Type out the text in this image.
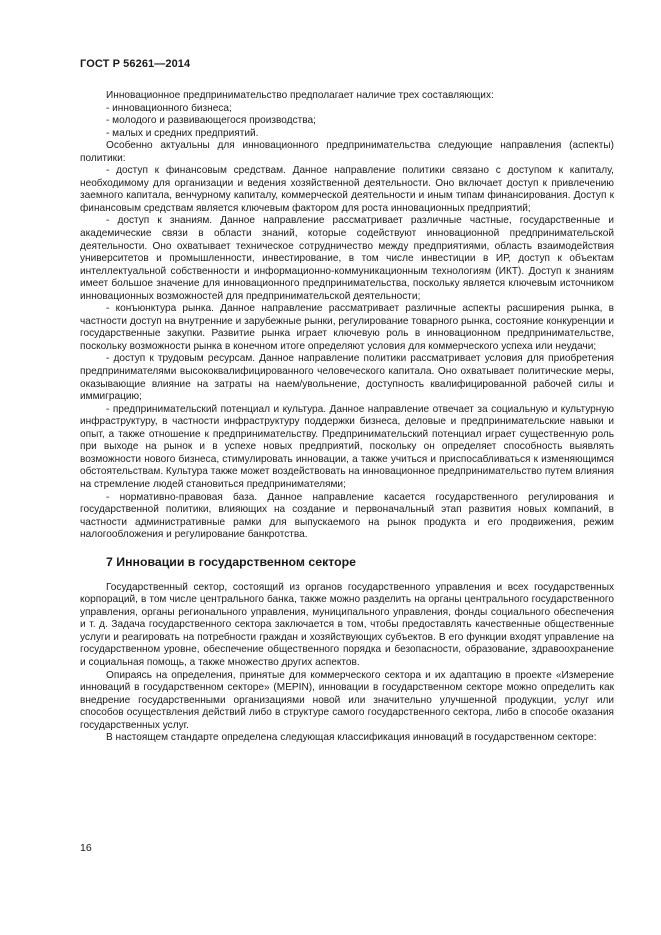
ГОСТ Р 56261—2014

Инновационное предпринимательство предполагает наличие трех составляющих:

- инновационного бизнеса;

- молодого и развивающегося производства;

- малых и средних предприятий.

Особенно актуальны для инновационного предпринимательства следующие направления (аспекты) политики:

- доступ к финансовым средствам. Данное направление политики связано с доступом к капиталу, необходимому для организации и ведения хозяйственной деятельности. Оно включает доступ к привлечению заемного капитала, венчурному капиталу, коммерческой деятельности и иным типам финансирования. Доступ к финансовым средствам является ключевым фактором для роста инновационных предприятий;

- доступ к знаниям. Данное направление рассматривает различные частные, государственные и академические связи в области знаний, которые содействуют инновационной предпринимательской деятельности. Оно охватывает техническое сотрудничество между предприятиями, область взаимодействия университетов и промышленности, инвестирование, в том числе инвестиции в ИР, доступ к объектам интеллектуальной собственности и информационно-коммуникационным технологиям (ИКТ). Доступ к знаниям имеет большое значение для инновационного предпринимательства, поскольку является ключевым источником инновационных возможностей для предпринимательской деятельности;

- конъюнктура рынка. Данное направление рассматривает различные аспекты расширения рынка, в частности доступ на внутренние и зарубежные рынки, регулирование товарного рынка, состояние конкуренции и государственные закупки. Развитие рынка играет ключевую роль в инновационном предпринимательстве, поскольку возможности рынка в конечном итоге определяют условия для коммерческого успеха или неудачи;

- доступ к трудовым ресурсам. Данное направление политики рассматривает условия для приобретения предпринимателями высококвалифицированного человеческого капитала. Оно охватывает политические меры, оказывающие влияние на затраты на наем/увольнение, доступность квалифицированной рабочей силы и иммиграцию;

- предпринимательский потенциал и культура. Данное направление отвечает за социальную и культурную инфраструктуру, в частности инфраструктуру поддержки бизнеса, деловые и предпринимательские навыки и опыт, а также отношение к предпринимательству. Предпринимательский потенциал играет существенную роль при выходе на рынок и в успехе новых предприятий, поскольку он определяет способность выявлять возможности нового бизнеса, стимулировать инновации, а также учиться и приспосабливаться к изменяющимся обстоятельствам. Культура также может воздействовать на инновационное предпринимательство путем влияния на стремление людей становиться предпринимателями;

- нормативно-правовая база. Данное направление касается государственного регулирования и государственной политики, влияющих на создание и первоначальный этап развития новых компаний, в частности административные рамки для выпускаемого на рынок продукта и его продвижения, режим налогообложения и регулирование банкротства.

7 Инновации в государственном секторе

Государственный сектор, состоящий из органов государственного управления и всех государственных корпораций, в том числе центрального банка, также можно разделить на органы центрального государственного управления, органы регионального управления, муниципального управления, фонды социального обеспечения и т. д. Задача государственного сектора заключается в том, чтобы предоставлять качественные общественные услуги и реагировать на потребности граждан и хозяйствующих субъектов. В его функции входят управление на государственном уровне, обеспечение общественного порядка и безопасности, образование, здравоохранение и социальная помощь, а также множество других аспектов.

Опираясь на определения, принятые для коммерческого сектора и их адаптацию в проекте «Измерение инноваций в государственном секторе» (MEPIN), инновации в государственном секторе можно определить как внедрение государственными организациями новой или значительно улучшенной продукции, услуг или способов осуществления действий либо в структуре самого государственного сектора, либо в способе оказания государственных услуг.

В настоящем стандарте определена следующая классификация инноваций в государственном секторе:

16
